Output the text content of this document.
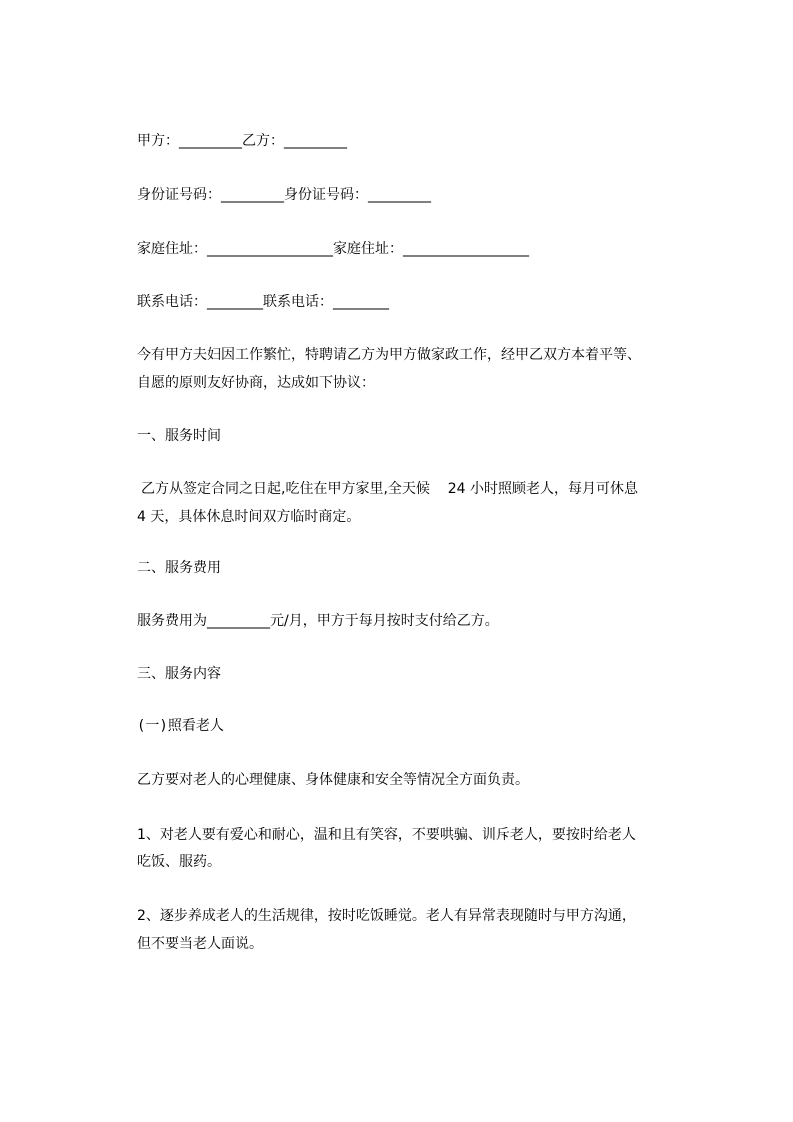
甲方：_________乙方：_________

身份证号码：_________身份证号码：_________

家庭住址：__________________家庭住址：__________________

联系电话：________联系电话：________

今有甲方夫妇因工作繁忙，特聘请乙方为甲方做家政工作，经甲乙双方本着平等、

自愿的原则友好协商，达成如下协议：

一、服务时间

乙方从签定合同之日起,吃住在甲方家里,全天候    24 小时照顾老人，每月可休息

4 天，具体休息时间双方临时商定。

二、服务费用

服务费用为_________元/月，甲方于每月按时支付给乙方。

三、服务内容

(一)照看老人

乙方要对老人的心理健康、身体健康和安全等情况全方面负责。

1、对老人要有爱心和耐心，温和且有笑容，不要哄骗、训斥老人，要按时给老人

吃饭、服药。

2、逐步养成老人的生活规律，按时吃饭睡觉。老人有异常表现随时与甲方沟通，

但不要当老人面说。
